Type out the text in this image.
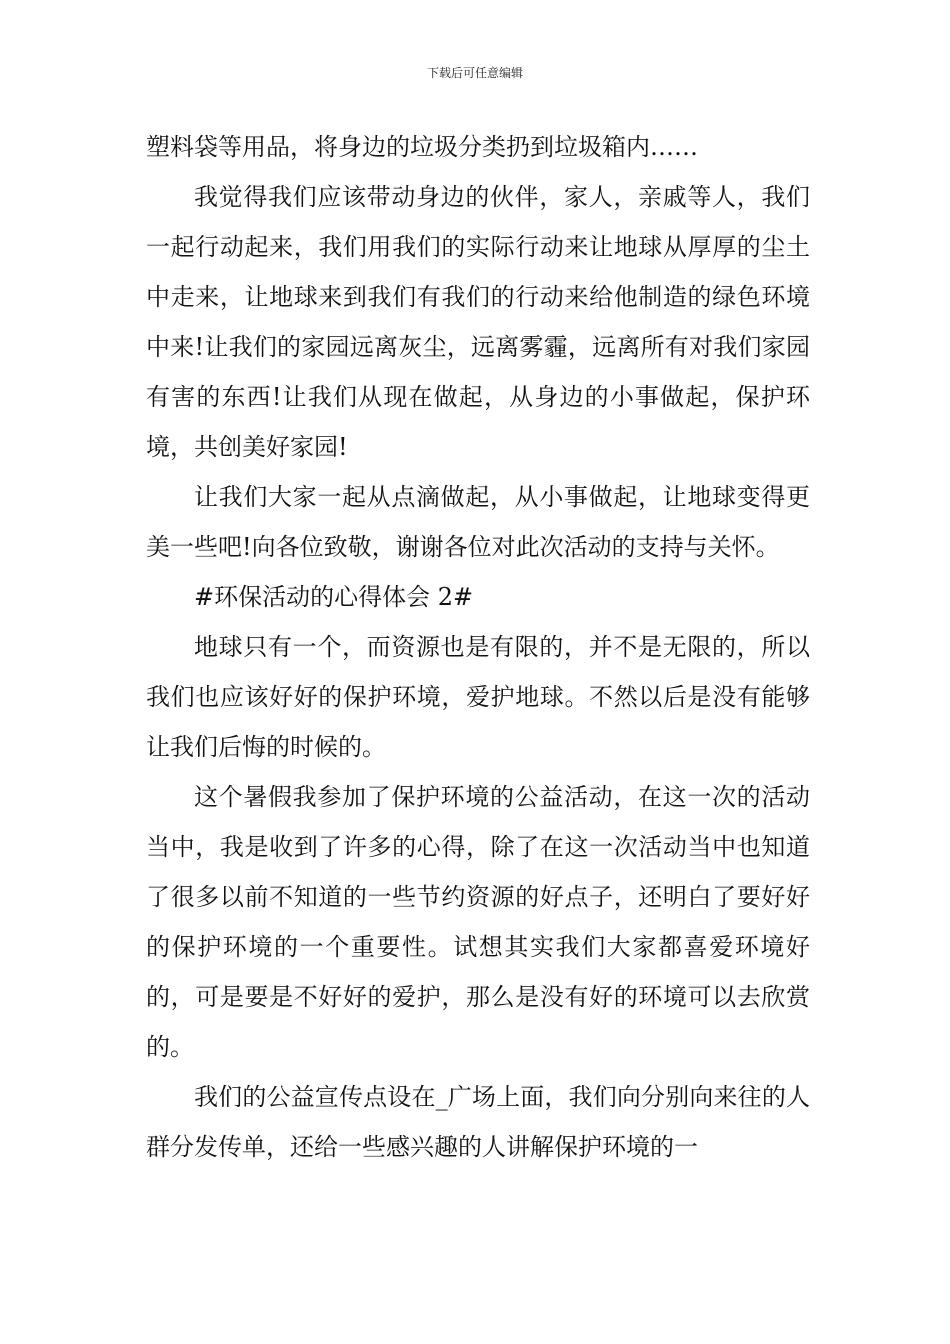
下载后可任意编辑

塑料袋等用品，将身边的垃圾分类扔到垃圾箱内……

我觉得我们应该带动身边的伙伴，家人，亲戚等人，我们一起行动起来，我们用我们的实际行动来让地球从厚厚的尘土中走来，让地球来到我们有我们的行动来给他制造的绿色环境中来!让我们的家园远离灰尘，远离雾霾，远离所有对我们家园有害的东西!让我们从现在做起，从身边的小事做起，保护环境，共创美好家园!

让我们大家一起从点滴做起，从小事做起，让地球变得更美一些吧!向各位致敬，谢谢各位对此次活动的支持与关怀。

#环保活动的心得体会 2#

地球只有一个，而资源也是有限的，并不是无限的，所以我们也应该好好的保护环境，爱护地球。不然以后是没有能够让我们后悔的时候的。

这个暑假我参加了保护环境的公益活动，在这一次的活动当中，我是收到了许多的心得，除了在这一次活动当中也知道了很多以前不知道的一些节约资源的好点子，还明白了要好好的保护环境的一个重要性。试想其实我们大家都喜爱环境好的，可是要是不好好的爱护，那么是没有好的环境可以去欣赏的。

我们的公益宣传点设在_广场上面，我们向分别向来往的人群分发传单，还给一些感兴趣的人讲解保护环境的一
